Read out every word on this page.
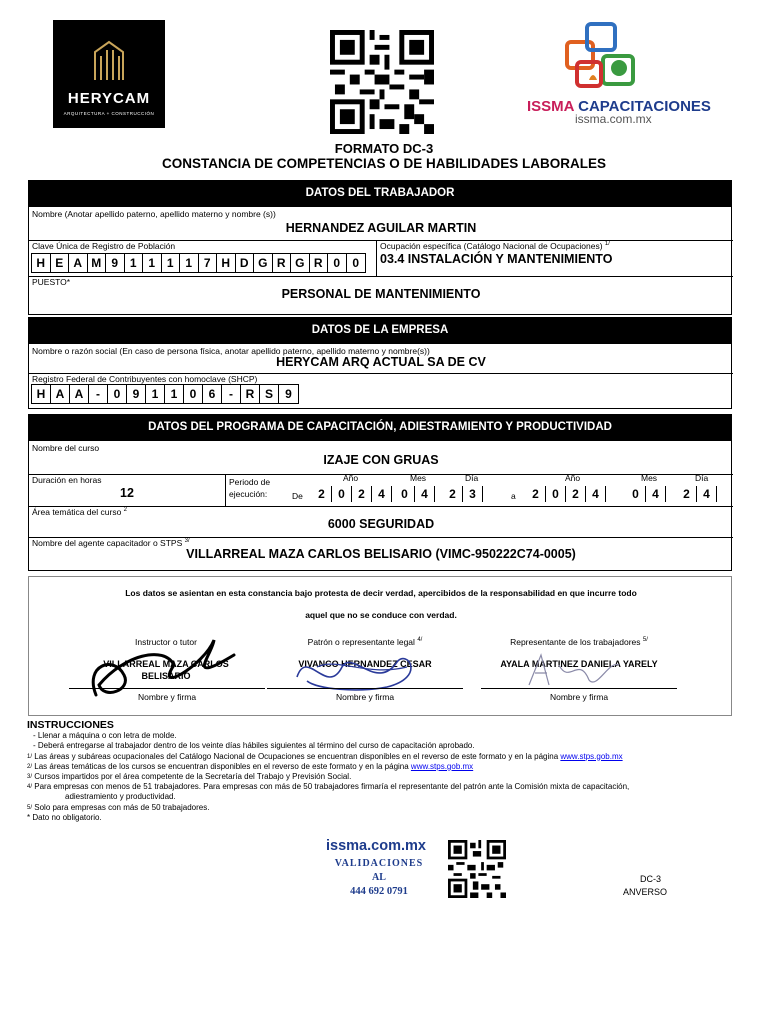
HERYCAM
ARQUITECTURA + CONSTRUCCIÓN	ISSMA CAPACITACIONES
issma.com.mx
FORMATO DC-3
CONSTANCIA DE COMPETENCIAS O DE HABILIDADES LABORALES
DATOS DEL TRABAJADOR
Nombre (Anotar apellido paterno, apellido materno y nombre (s))
HERNANDEZ AGUILAR MARTIN
Clave Única de Registro de Población
H E A M 9 1 1 1 1 7 H D G R G R 0	0
Ocupación específica (Catálogo Nacional de Ocupaciones) $^{1/}$
03.4 INSTALACIÓN Y MANTENIMIENTO
PUESTO*
PERSONAL DE MANTENIMIENTO
DATOS DE LA EMPRESA
Nombre o razón social (En caso de persona física, anotar apellido paterno, apellido materno y nombre(s))
HERYCAM ARQ ACTUAL SA DE CV
Registro Federal de Contribuyentes con homoclave (SHCP)
H A A	-	0	9	1	1	0	6	-	R S	9
DATOS DEL PROGRAMA DE CAPACITACIÓN, ADIESTRAMIENTO Y PRODUCTIVIDAD
Nombre del curso
IZAJE CON GRUAS
Duración en horas
12
Periodo de
ejecución:	De
Año	Mes	Día
2	0	2	4	0	4	2	3	a
Año	Mes	Día
2	0	2	4	0	4	2	4
Área temática del curso $^2$
6000 SEGURIDAD
Nombre del agente capacitador o STPS $^{3/}$
VILLARREAL MAZA CARLOS BELISARIO (VIMC-950222C74-0005)
Los datos se asientan en esta constancia bajo protesta de decir verdad, apercibidos de la responsabilidad en que incurre todo
aquel que no se conduce con verdad.
Instructor o tutor
VILLARREAL MAZA CARLOS
BELISARIO
Nombre y firma
Patrón o representante legal $^{4/}$
VIVANCO HERNANDEZ CESAR
Nombre y firma
Representante de los trabajadores $^{5/}$
AYALA MARTINEZ DANIELA YARELY
Nombre y firma
INSTRUCCIONES
- Llenar a máquina o con letra de molde.
- Deberá entregarse al trabajador dentro de los veinte días hábiles siguientes al término del curso de capacitación aprobado.
$^{1/}$ Las áreas y subáreas ocupacionales del Catálogo Nacional de Ocupaciones se encuentran disponibles en el reverso de este formato y en la página www.stps.gob.mx
$^{2/}$ Las áreas temáticas de los cursos se encuentran disponibles en el reverso de este formato y en la página www.stps.gob.mx
$^{3/}$ Cursos impartidos por el área competente de la Secretaría del Trabajo y Previsión Social.
$^{4/}$ Para empresas con menos de 51 trabajadores. Para empresas con más de 50 trabajadores firmaría el representante del patrón ante la Comisión mixta de capacitación,
adiestramiento y productividad.
$^{5/}$ Solo para empresas con más de 50 trabajadores.
* Dato no obligatorio.
issma.com.mx
VALIDACIONES
AL
444 692 0791
DC-3
ANVERSO
